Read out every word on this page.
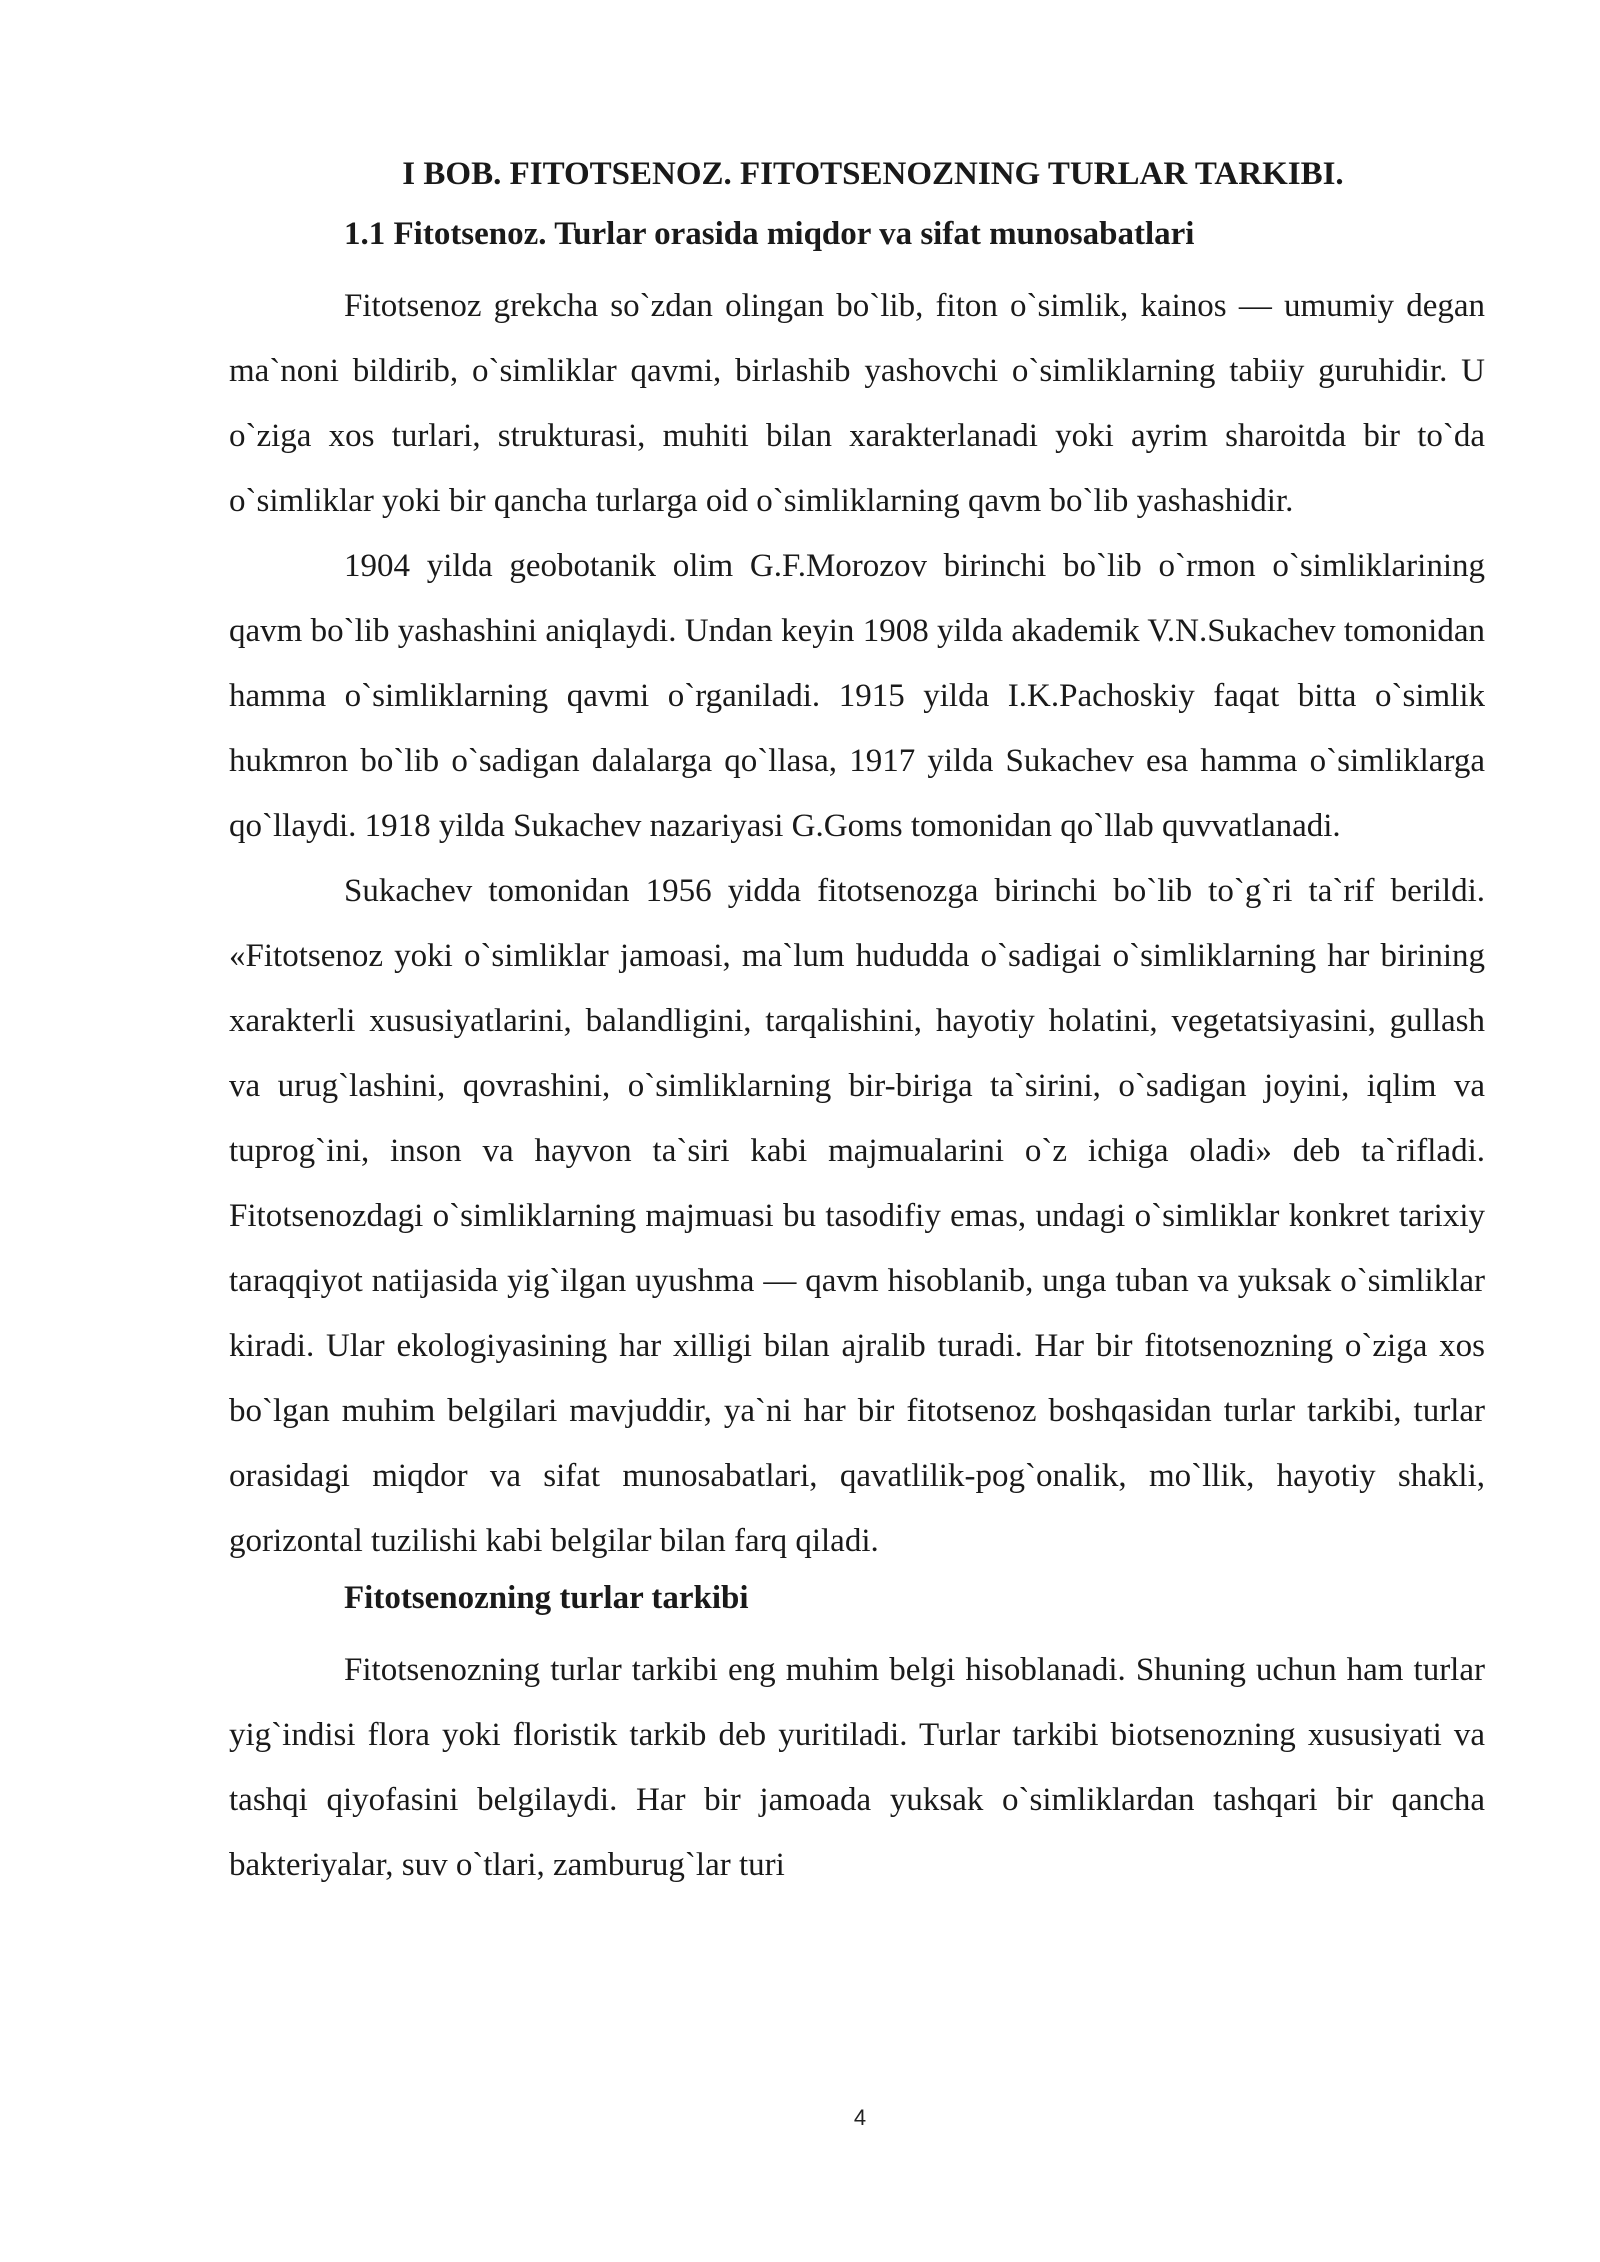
I BOB. FITOTSENOZ. FITOTSENOZNING TURLAR TARKIBI.
1.1 Fitotsenoz. Turlar orasida miqdor va sifat munosabatlari

Fitotsenoz grekcha so`zdan olingan bo`lib, fiton o`simlik, kainos — umumiy degan ma`noni bildirib, o`simliklar qavmi, birlashib yashovchi o`simliklarning tabiiy guruhidir. U o`ziga xos turlari, strukturasi, muhiti bilan xarakterlanadi yoki ayrim sharoitda bir to`da o`simliklar yoki bir qancha turlarga oid o`simliklarning qavm bo`lib yashashidir.

1904 yilda geobotanik olim G.F.Morozov birinchi bo`lib o`rmon o`simliklarining qavm bo`lib yashashini aniqlaydi. Undan keyin 1908 yilda akademik V.N.Sukachev tomonidan hamma o`simliklarning qavmi o`rganiladi. 1915 yilda I.K.Pachoskiy faqat bitta o`simlik hukmron bo`lib o`sadigan dalalarga qo`llasa, 1917 yilda Sukachev esa hamma o`simliklarga qo`llaydi. 1918 yilda Sukachev nazariyasi G.Goms tomonidan qo`llab quvvatlanadi.

Sukachev tomonidan 1956 yidda fitotsenozga birinchi bo`lib to`g`ri ta`rif berildi. «Fitotsenoz yoki o`simliklar jamoasi, ma`lum hududda o`sadigai o`simliklarning har birining xarakterli xususiyatlarini, balandligini, tarqalishini, hayotiy holatini, vegetatsiyasini, gullash va urug`lashini, qovrashini, o`simliklarning bir-biriga ta`sirini, o`sadigan joyini, iqlim va tuprog`ini, inson va hayvon ta`siri kabi majmualarini o`z ichiga oladi» deb ta`rifladi. Fitotsenozdagi o`simliklarning majmuasi bu tasodifiy emas, undagi o`simliklar konkret tarixiy taraqqiyot natijasida yig`ilgan uyushma — qavm hisoblanib, unga tuban va yuksak o`simliklar kiradi. Ular ekologiyasining har xilligi bilan ajralib turadi. Har bir fitotsenozning o`ziga xos bo`lgan muhim belgilari mavjuddir, ya`ni har bir fitotsenoz boshqasidan turlar tarkibi, turlar orasidagi miqdor va sifat munosabatlari, qavatlilik-pog`onalik, mo`llik, hayotiy shakli, gorizontal tuzilishi kabi belgilar bilan farq qiladi.

Fitotsenozning turlar tarkibi

Fitotsenozning turlar tarkibi eng muhim belgi hisoblanadi. Shuning uchun ham turlar yig`indisi flora yoki floristik tarkib deb yuritiladi. Turlar tarkibi biotsenozning xususiyati va tashqi qiyofasini belgilaydi. Har bir jamoada yuksak o`simliklardan tashqari bir qancha bakteriyalar, suv o`tlari, zamburug`lar turi

4
